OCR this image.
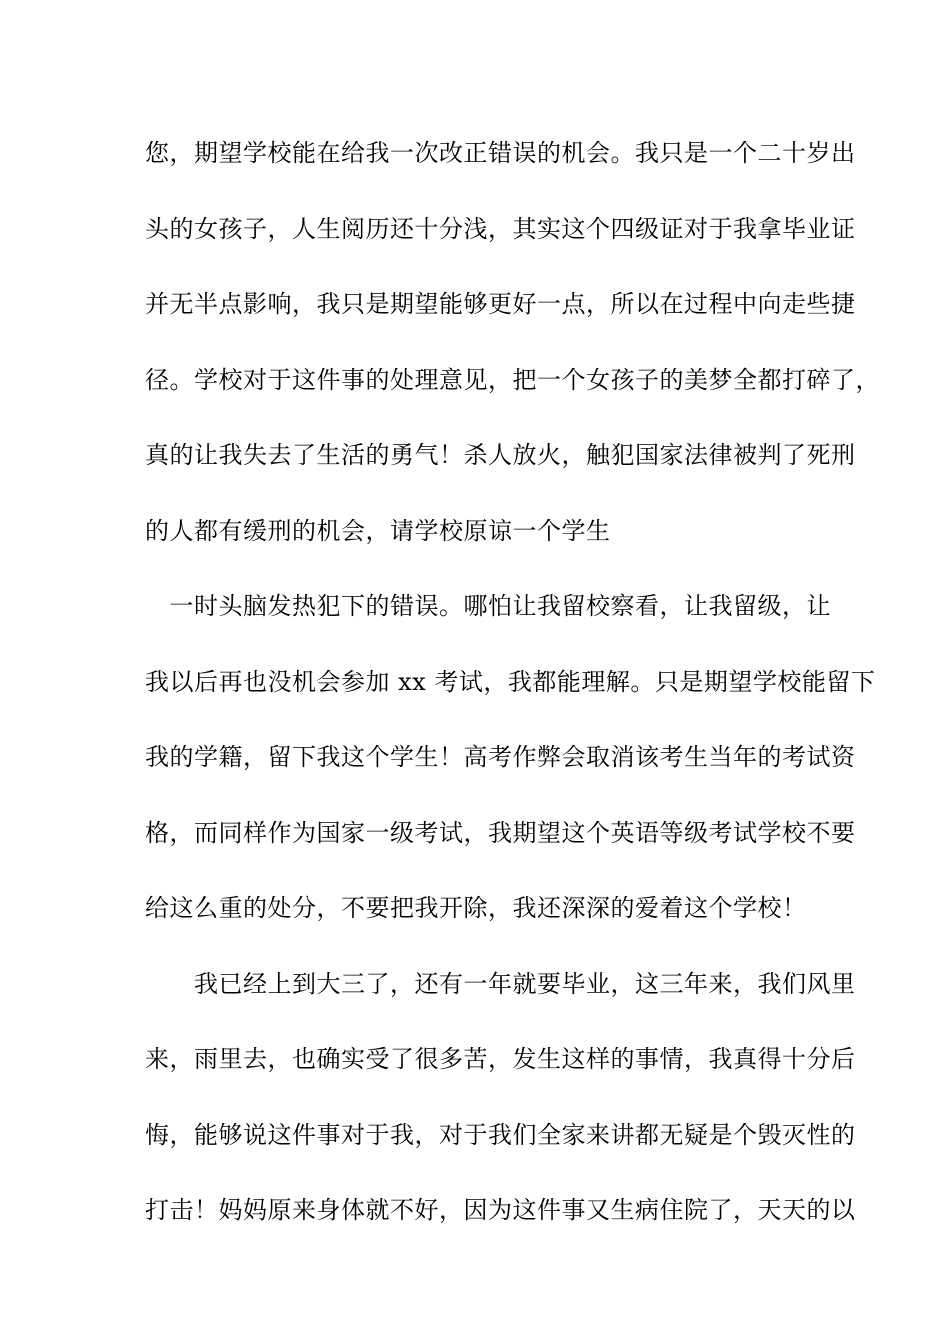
您，期望学校能在给我一次改正错误的机会。我只是一个二十岁出
头的女孩子，人生阅历还十分浅，其实这个四级证对于我拿毕业证
并无半点影响，我只是期望能够更好一点，所以在过程中向走些捷
径。学校对于这件事的处理意见，把一个女孩子的美梦全都打碎了，
真的让我失去了生活的勇气！杀人放火，触犯国家法律被判了死刑
的人都有缓刑的机会，请学校原谅一个学生
　一时头脑发热犯下的错误。哪怕让我留校察看，让我留级，让
我以后再也没机会参加 xx 考试，我都能理解。只是期望学校能留下
我的学籍，留下我这个学生！高考作弊会取消该考生当年的考试资
格，而同样作为国家一级考试，我期望这个英语等级考试学校不要
给这么重的处分，不要把我开除，我还深深的爱着这个学校！
　　我已经上到大三了，还有一年就要毕业，这三年来，我们风里
来，雨里去，也确实受了很多苦，发生这样的事情，我真得十分后
悔，能够说这件事对于我，对于我们全家来讲都无疑是个毁灭性的
打击！妈妈原来身体就不好，因为这件事又生病住院了，天天的以
